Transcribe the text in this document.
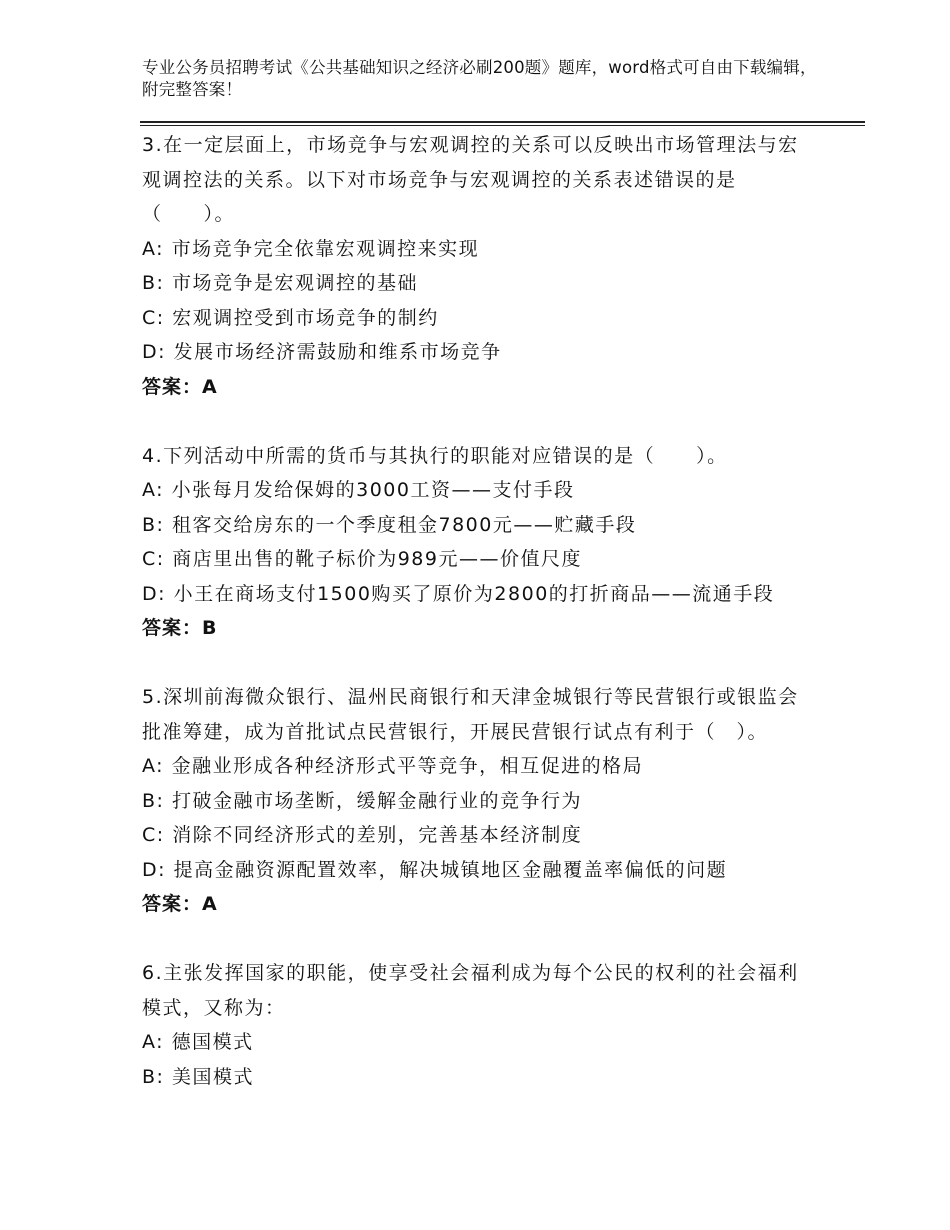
专业公务员招聘考试《公共基础知识之经济必刷200题》题库，word格式可自由下载编辑，附完整答案！

3.在一定层面上，市场竞争与宏观调控的关系可以反映出市场管理法与宏观调控法的关系。以下对市场竞争与宏观调控的关系表述错误的是（　　）。

A: 市场竞争完全依靠宏观调控来实现

B: 市场竞争是宏观调控的基础

C: 宏观调控受到市场竞争的制约

D: 发展市场经济需鼓励和维系市场竞争

答案：A

4.下列活动中所需的货币与其执行的职能对应错误的是（　　）。

A: 小张每月发给保姆的3000工资——支付手段

B: 租客交给房东的一个季度租金7800元——贮藏手段

C: 商店里出售的靴子标价为989元——价值尺度

D: 小王在商场支付1500购买了原价为2800的打折商品——流通手段

答案：B

5.深圳前海微众银行、温州民商银行和天津金城银行等民营银行或银监会批准筹建，成为首批试点民营银行，开展民营银行试点有利于（　）。

A: 金融业形成各种经济形式平等竞争，相互促进的格局

B: 打破金融市场垄断，缓解金融行业的竞争行为

C: 消除不同经济形式的差别，完善基本经济制度

D: 提高金融资源配置效率，解决城镇地区金融覆盖率偏低的问题

答案：A

6.主张发挥国家的职能，使享受社会福利成为每个公民的权利的社会福利模式，又称为：

A: 德国模式

B: 美国模式
